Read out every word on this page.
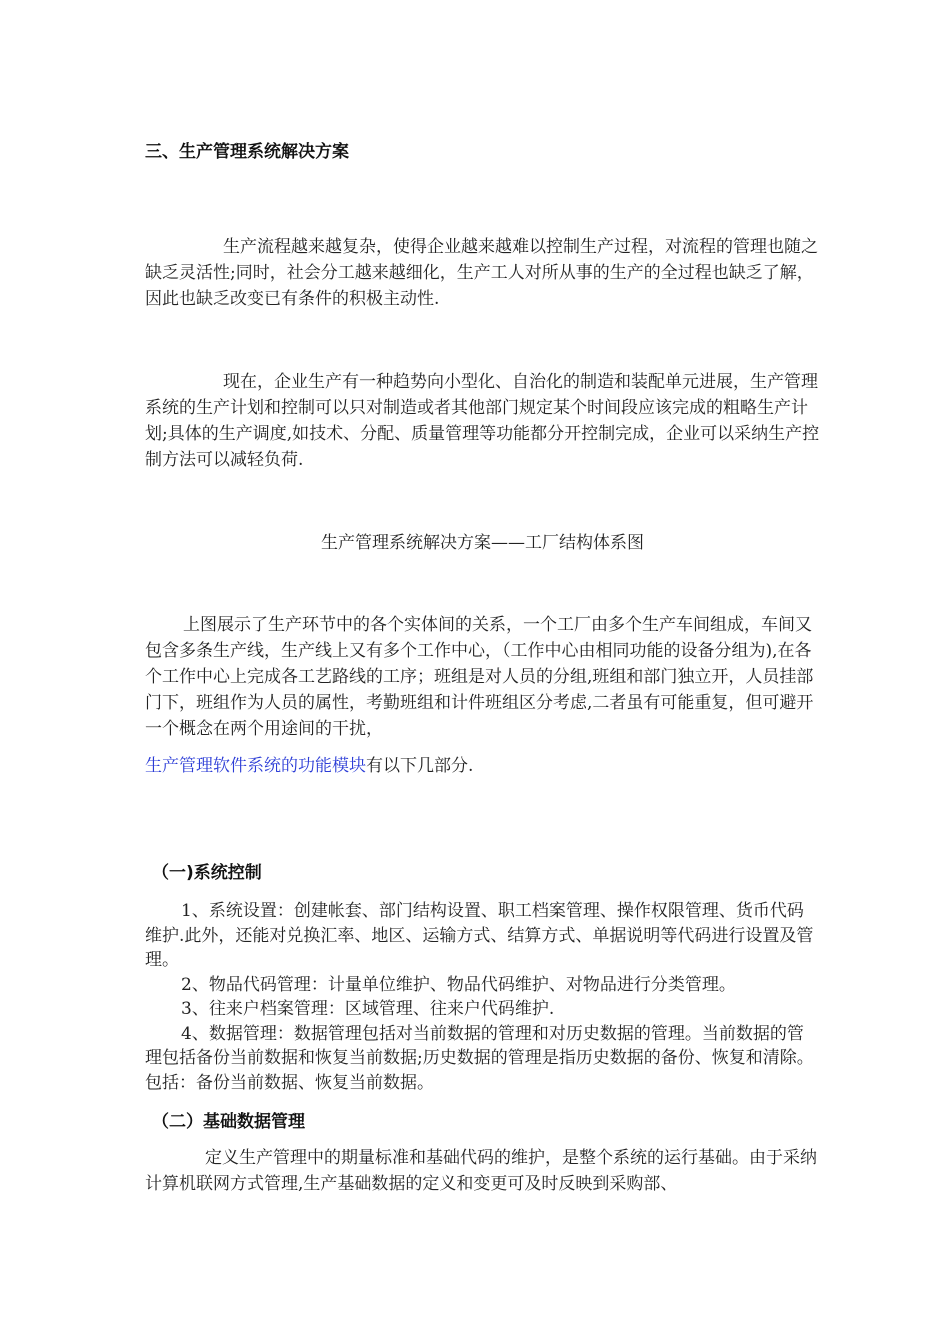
三、生产管理系统解决方案

生产流程越来越复杂，使得企业越来越难以控制生产过程，对流程的管理也随之缺乏灵活性;同时，社会分工越来越细化，生产工人对所从事的生产的全过程也缺乏了解，因此也缺乏改变已有条件的积极主动性.

现在，企业生产有一种趋势向小型化、自治化的制造和装配单元进展，生产管理系统的生产计划和控制可以只对制造或者其他部门规定某个时间段应该完成的粗略生产计划;具体的生产调度,如技术、分配、质量管理等功能都分开控制完成，企业可以采纳生产控制方法可以减轻负荷.

生产管理系统解决方案——工厂结构体系图

上图展示了生产环节中的各个实体间的关系，一个工厂由多个生产车间组成，车间又包含多条生产线，生产线上又有多个工作中心，（工作中心由相同功能的设备分组为),在各个工作中心上完成各工艺路线的工序；班组是对人员的分组,班组和部门独立开，人员挂部门下，班组作为人员的属性，考勤班组和计件班组区分考虑,二者虽有可能重复，但可避开一个概念在两个用途间的干扰，

生产管理软件系统的功能模块有以下几部分.

（一)系统控制

1、系统设置：创建帐套、部门结构设置、职工档案管理、操作权限管理、货币代码维护.此外，还能对兑换汇率、地区、运输方式、结算方式、单据说明等代码进行设置及管理。

2、物品代码管理：计量单位维护、物品代码维护、对物品进行分类管理。

3、往来户档案管理：区域管理、往来户代码维护.

4、数据管理：数据管理包括对当前数据的管理和对历史数据的管理。当前数据的管理包括备份当前数据和恢复当前数据;历史数据的管理是指历史数据的备份、恢复和清除。包括：备份当前数据、恢复当前数据。

（二）基础数据管理

定义生产管理中的期量标准和基础代码的维护，是整个系统的运行基础。由于采纳计算机联网方式管理,生产基础数据的定义和变更可及时反映到采购部、
